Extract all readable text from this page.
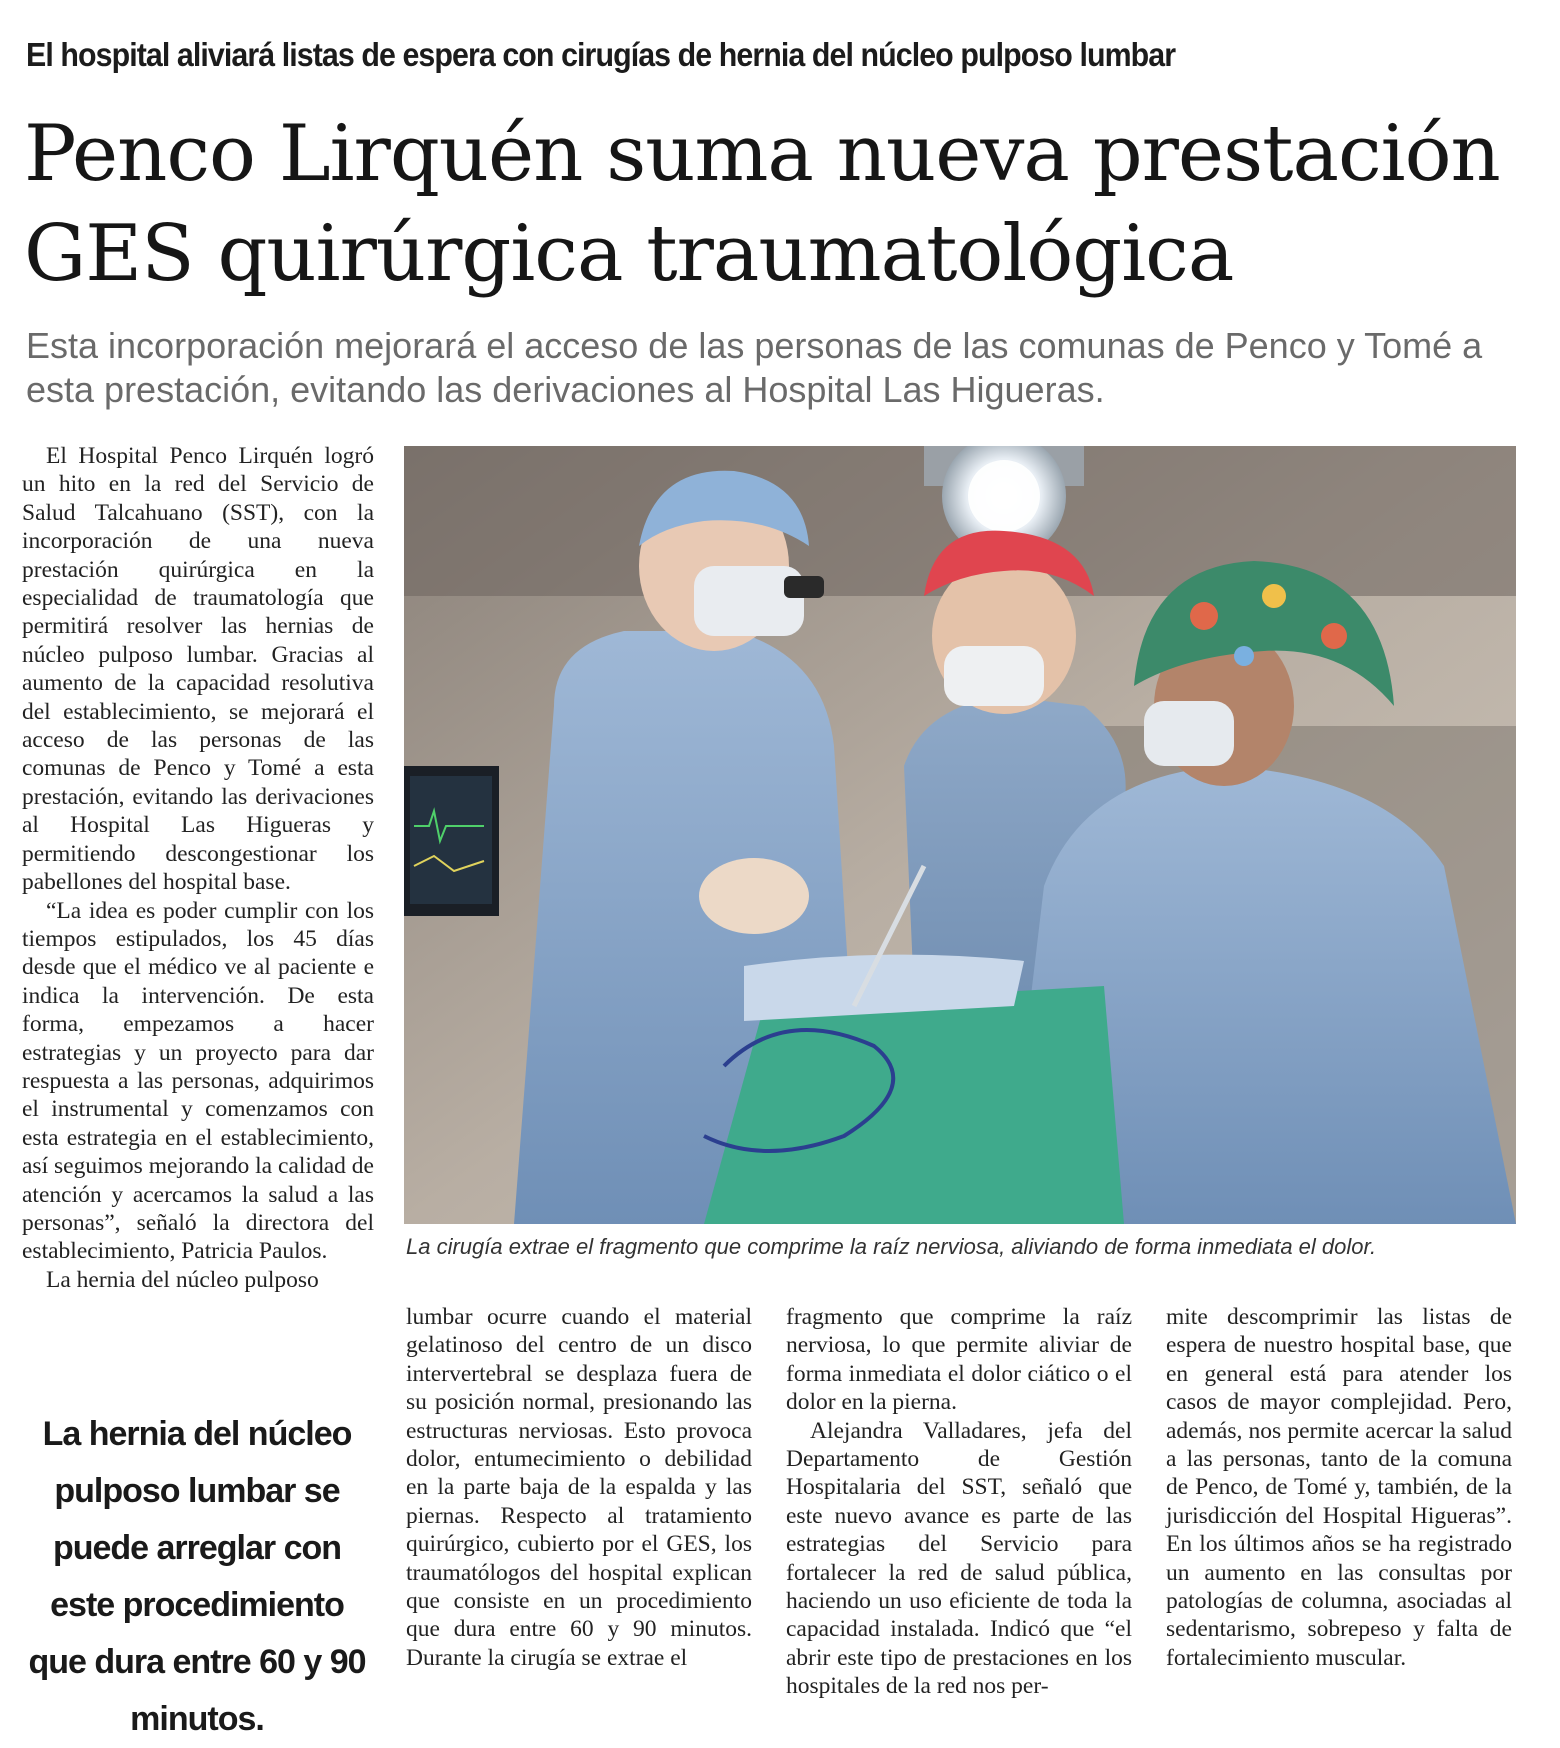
El hospital aliviará listas de espera con cirugías de hernia del núcleo pulposo lumbar
Penco Lirquén suma nueva prestación
GES quirúrgica traumatológica
Esta incorporación mejorará el acceso de las personas de las comunas de Penco y Tomé a esta prestación, evitando las derivaciones al Hospital Las Higueras.

El Hospital Penco Lirquén logró un hito en la red del Servicio de Salud Talcahuano (SST), con la incorporación de una nueva prestación quirúrgica en la especialidad de traumatología que permitirá resolver las hernias de núcleo pulposo lumbar. Gracias al aumento de la capacidad resolutiva del establecimiento, se mejorará el acceso de las personas de las comunas de Penco y Tomé a esta prestación, evitando las derivaciones al Hospital Las Higueras y permitiendo descongestionar los pabellones del hospital base.

“La idea es poder cumplir con los tiempos estipulados, los 45 días desde que el médico ve al paciente e indica la intervención. De esta forma, empezamos a hacer estrategias y un proyecto para dar respuesta a las personas, adquirimos el instrumental y comenzamos con esta estrategia en el establecimiento, así seguimos mejorando la calidad de atención y acercamos la salud a las personas”, señaló la directora del establecimiento, Patricia Paulos.

La hernia del núcleo pulposo

La hernia del núcleo pulposo lumbar se puede arreglar con este procedimiento que dura entre 60 y 90 minutos.
La cirugía extrae el fragmento que comprime la raíz nerviosa, aliviando de forma inmediata el dolor.

lumbar ocurre cuando el material gelatinoso del centro de un disco intervertebral se desplaza fuera de su posición normal, presionando las estructuras nerviosas. Esto provoca dolor, entumecimiento o debilidad en la parte baja de la espalda y las piernas. Respecto al tratamiento quirúrgico, cubierto por el GES, los traumatólogos del hospital explican que consiste en un procedimiento que dura entre 60 y 90 minutos. Durante la cirugía se extrae el

fragmento que comprime la raíz nerviosa, lo que permite aliviar de forma inmediata el dolor ciático o el dolor en la pierna.

Alejandra Valladares, jefa del Departamento de Gestión Hospitalaria del SST, señaló que este nuevo avance es parte de las estrategias del Servicio para fortalecer la red de salud pública, haciendo un uso eficiente de toda la capacidad instalada. Indicó que “el abrir este tipo de prestaciones en los hospitales de la red nos per-

mite descomprimir las listas de espera de nuestro hospital base, que en general está para atender los casos de mayor complejidad. Pero, además, nos permite acercar la salud a las personas, tanto de la comuna de Penco, de Tomé y, también, de la jurisdicción del Hospital Higueras”. En los últimos años se ha registrado un aumento en las consultas por patologías de columna, asociadas al sedentarismo, sobrepeso y falta de fortalecimiento muscular.
